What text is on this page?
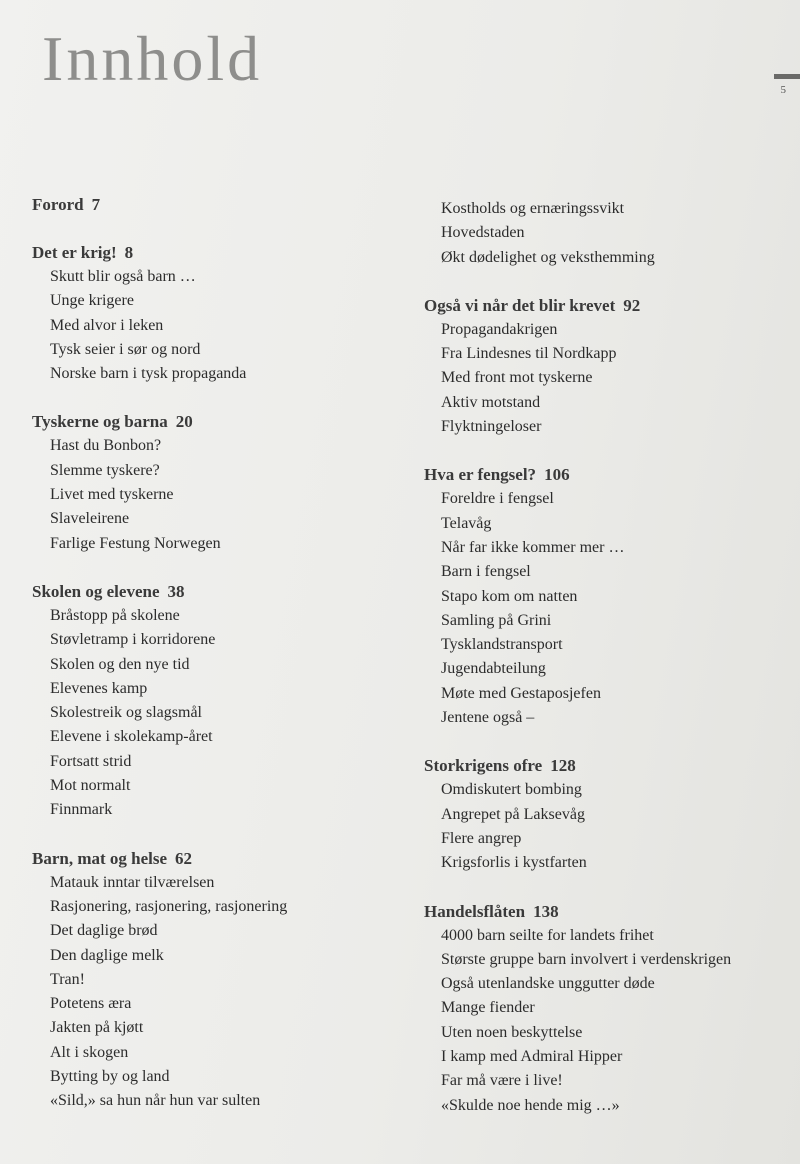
Innhold	5
Forord 7
Det er krig! 8
Skutt blir også barn …
Unge krigere
Med alvor i leken
Tysk seier i sør og nord
Norske barn i tysk propaganda
Tyskerne og barna 20
Hast du Bonbon?
Slemme tyskere?
Livet med tyskerne
Slaveleirene
Farlige Festung Norwegen
Skolen og elevene 38
Bråstopp på skolene
Støvletramp i korridorene
Skolen og den nye tid
Elevenes kamp
Skolestreik og slagsmål
Elevene i skolekamp-året
Fortsatt strid
Mot normalt
Finnmark
Barn, mat og helse 62
Matauk inntar tilværelsen
Rasjonering, rasjonering, rasjonering
Det daglige brød
Den daglige melk
Tran!
Potetens æra
Jakten på kjøtt
Alt i skogen
Bytting by og land
«Sild,» sa hun når hun var sulten
Kostholds og ernæringssvikt
Hovedstaden
Økt dødelighet og veksthemming
Også vi når det blir krevet 92
Propagandakrigen
Fra Lindesnes til Nordkapp
Med front mot tyskerne
Aktiv motstand
Flyktningeloser
Hva er fengsel? 106
Foreldre i fengsel
Telavåg
Når far ikke kommer mer …
Barn i fengsel
Stapo kom om natten
Samling på Grini
Tysklandstransport
Jugendabteilung
Møte med Gestaposjefen
Jentene også –
Storkrigens ofre 128
Omdiskutert bombing
Angrepet på Laksevåg
Flere angrep
Krigsforlis i kystfarten
Handelsflåten 138
4000 barn seilte for landets frihet
Største gruppe barn involvert i verdenskrigen
Også utenlandske unggutter døde
Mange fiender
Uten noen beskyttelse
I kamp med Admiral Hipper
Far må være i live!
«Skulde noe hende mig …»
